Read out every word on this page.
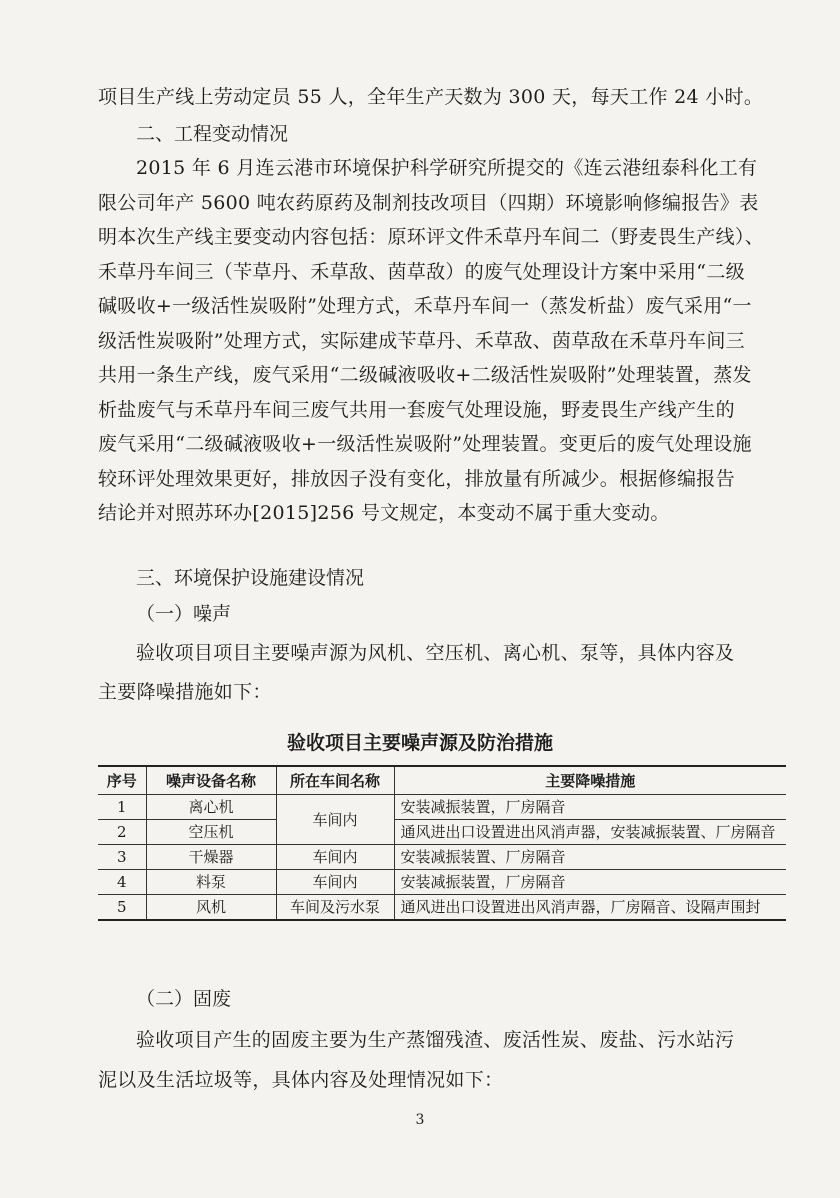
项目生产线上劳动定员 55 人，全年生产天数为 300 天，每天工作 24 小时。
二、工程变动情况
2015 年 6 月连云港市环境保护科学研究所提交的《连云港纽泰科化工有
限公司年产 5600 吨农药原药及制剂技改项目（四期）环境影响修编报告》表
明本次生产线主要变动内容包括：原环评文件禾草丹车间二（野麦畏生产线）、
禾草丹车间三（苄草丹、禾草敌、茵草敌）的废气处理设计方案中采用“二级
碱吸收+一级活性炭吸附”处理方式，禾草丹车间一（蒸发析盐）废气采用“一
级活性炭吸附”处理方式，实际建成苄草丹、禾草敌、茵草敌在禾草丹车间三
共用一条生产线，废气采用“二级碱液吸收+二级活性炭吸附”处理装置，蒸发
析盐废气与禾草丹车间三废气共用一套废气处理设施，野麦畏生产线产生的
废气采用“二级碱液吸收+一级活性炭吸附”处理装置。变更后的废气处理设施
较环评处理效果更好，排放因子没有变化，排放量有所减少。根据修编报告
结论并对照苏环办[2015]256 号文规定，本变动不属于重大变动。
三、环境保护设施建设情况
（一）噪声
验收项目项目主要噪声源为风机、空压机、离心机、泵等，具体内容及
主要降噪措施如下：
验收项目主要噪声源及防治措施
序号	噪声设备名称	所在车间名称	主要降噪措施
1	离心机	车间内	安装减振装置，厂房隔音
2	空压机		通风进出口设置进出风消声器，安装减振装置、厂房隔音
3	干燥器	车间内	安装减振装置、厂房隔音
4	料泵	车间内	安装减振装置，厂房隔音
5	风机	车间及污水泵	通风进出口设置进出风消声器，厂房隔音、设隔声围封
（二）固废
验收项目产生的固废主要为生产蒸馏残渣、废活性炭、废盐、污水站污
泥以及生活垃圾等，具体内容及处理情况如下：
3
